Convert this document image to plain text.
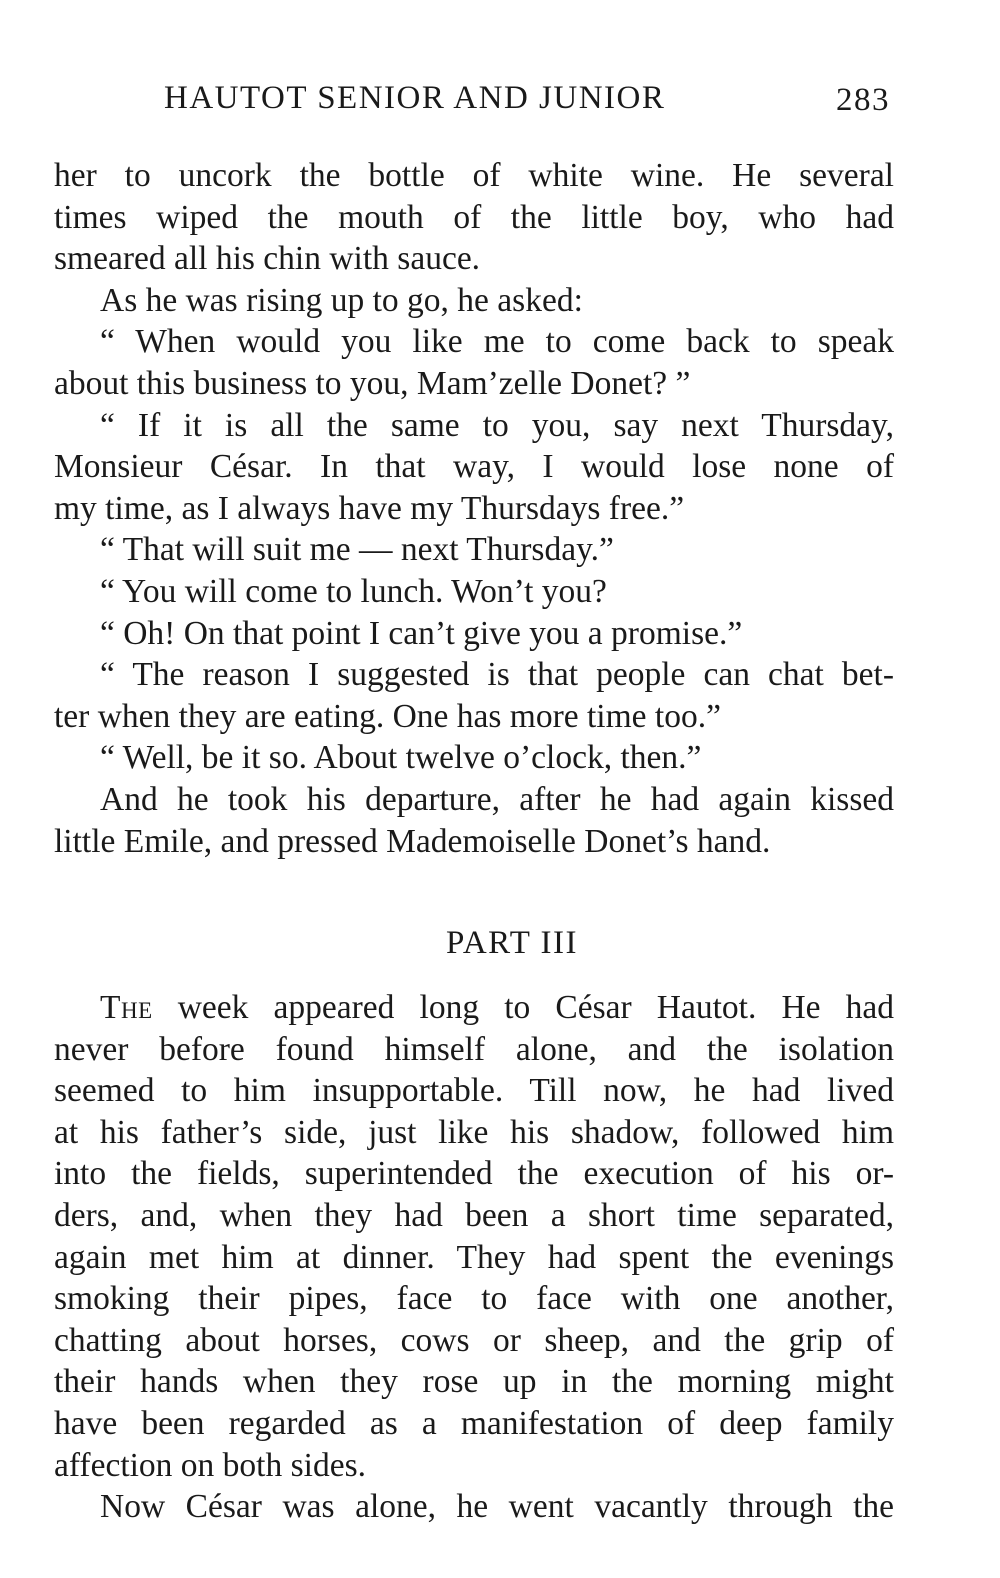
HAUTOT SENIOR AND JUNIOR	283

her to uncork the bottle of white wine. He several

times wiped the mouth of the little boy, who had

smeared all his chin with sauce.

As he was rising up to go, he asked:

“ When would you like me to come back to speak

about this business to you, Mam’zelle Donet? ”

“ If it is all the same to you, say next Thursday,

Monsieur César. In that way, I would lose none of

my time, as I always have my Thursdays free.”

“ That will suit me — next Thursday.”

“ You will come to lunch. Won’t you?

“ Oh! On that point I can’t give you a promise.”

“ The reason I suggested is that people can chat bet-

ter when they are eating. One has more time too.”

“ Well, be it so. About twelve o’clock, then.”

And he took his departure, after he had again kissed

little Emile, and pressed Mademoiselle Donet’s hand.

PART III

The week appeared long to César Hautot. He had

never before found himself alone, and the isolation

seemed to him insupportable. Till now, he had lived

at his father’s side, just like his shadow, followed him

into the fields, superintended the execution of his or-

ders, and, when they had been a short time separated,

again met him at dinner. They had spent the evenings

smoking their pipes, face to face with one another,

chatting about horses, cows or sheep, and the grip of

their hands when they rose up in the morning might

have been regarded as a manifestation of deep family

affection on both sides.

Now César was alone, he went vacantly through the
